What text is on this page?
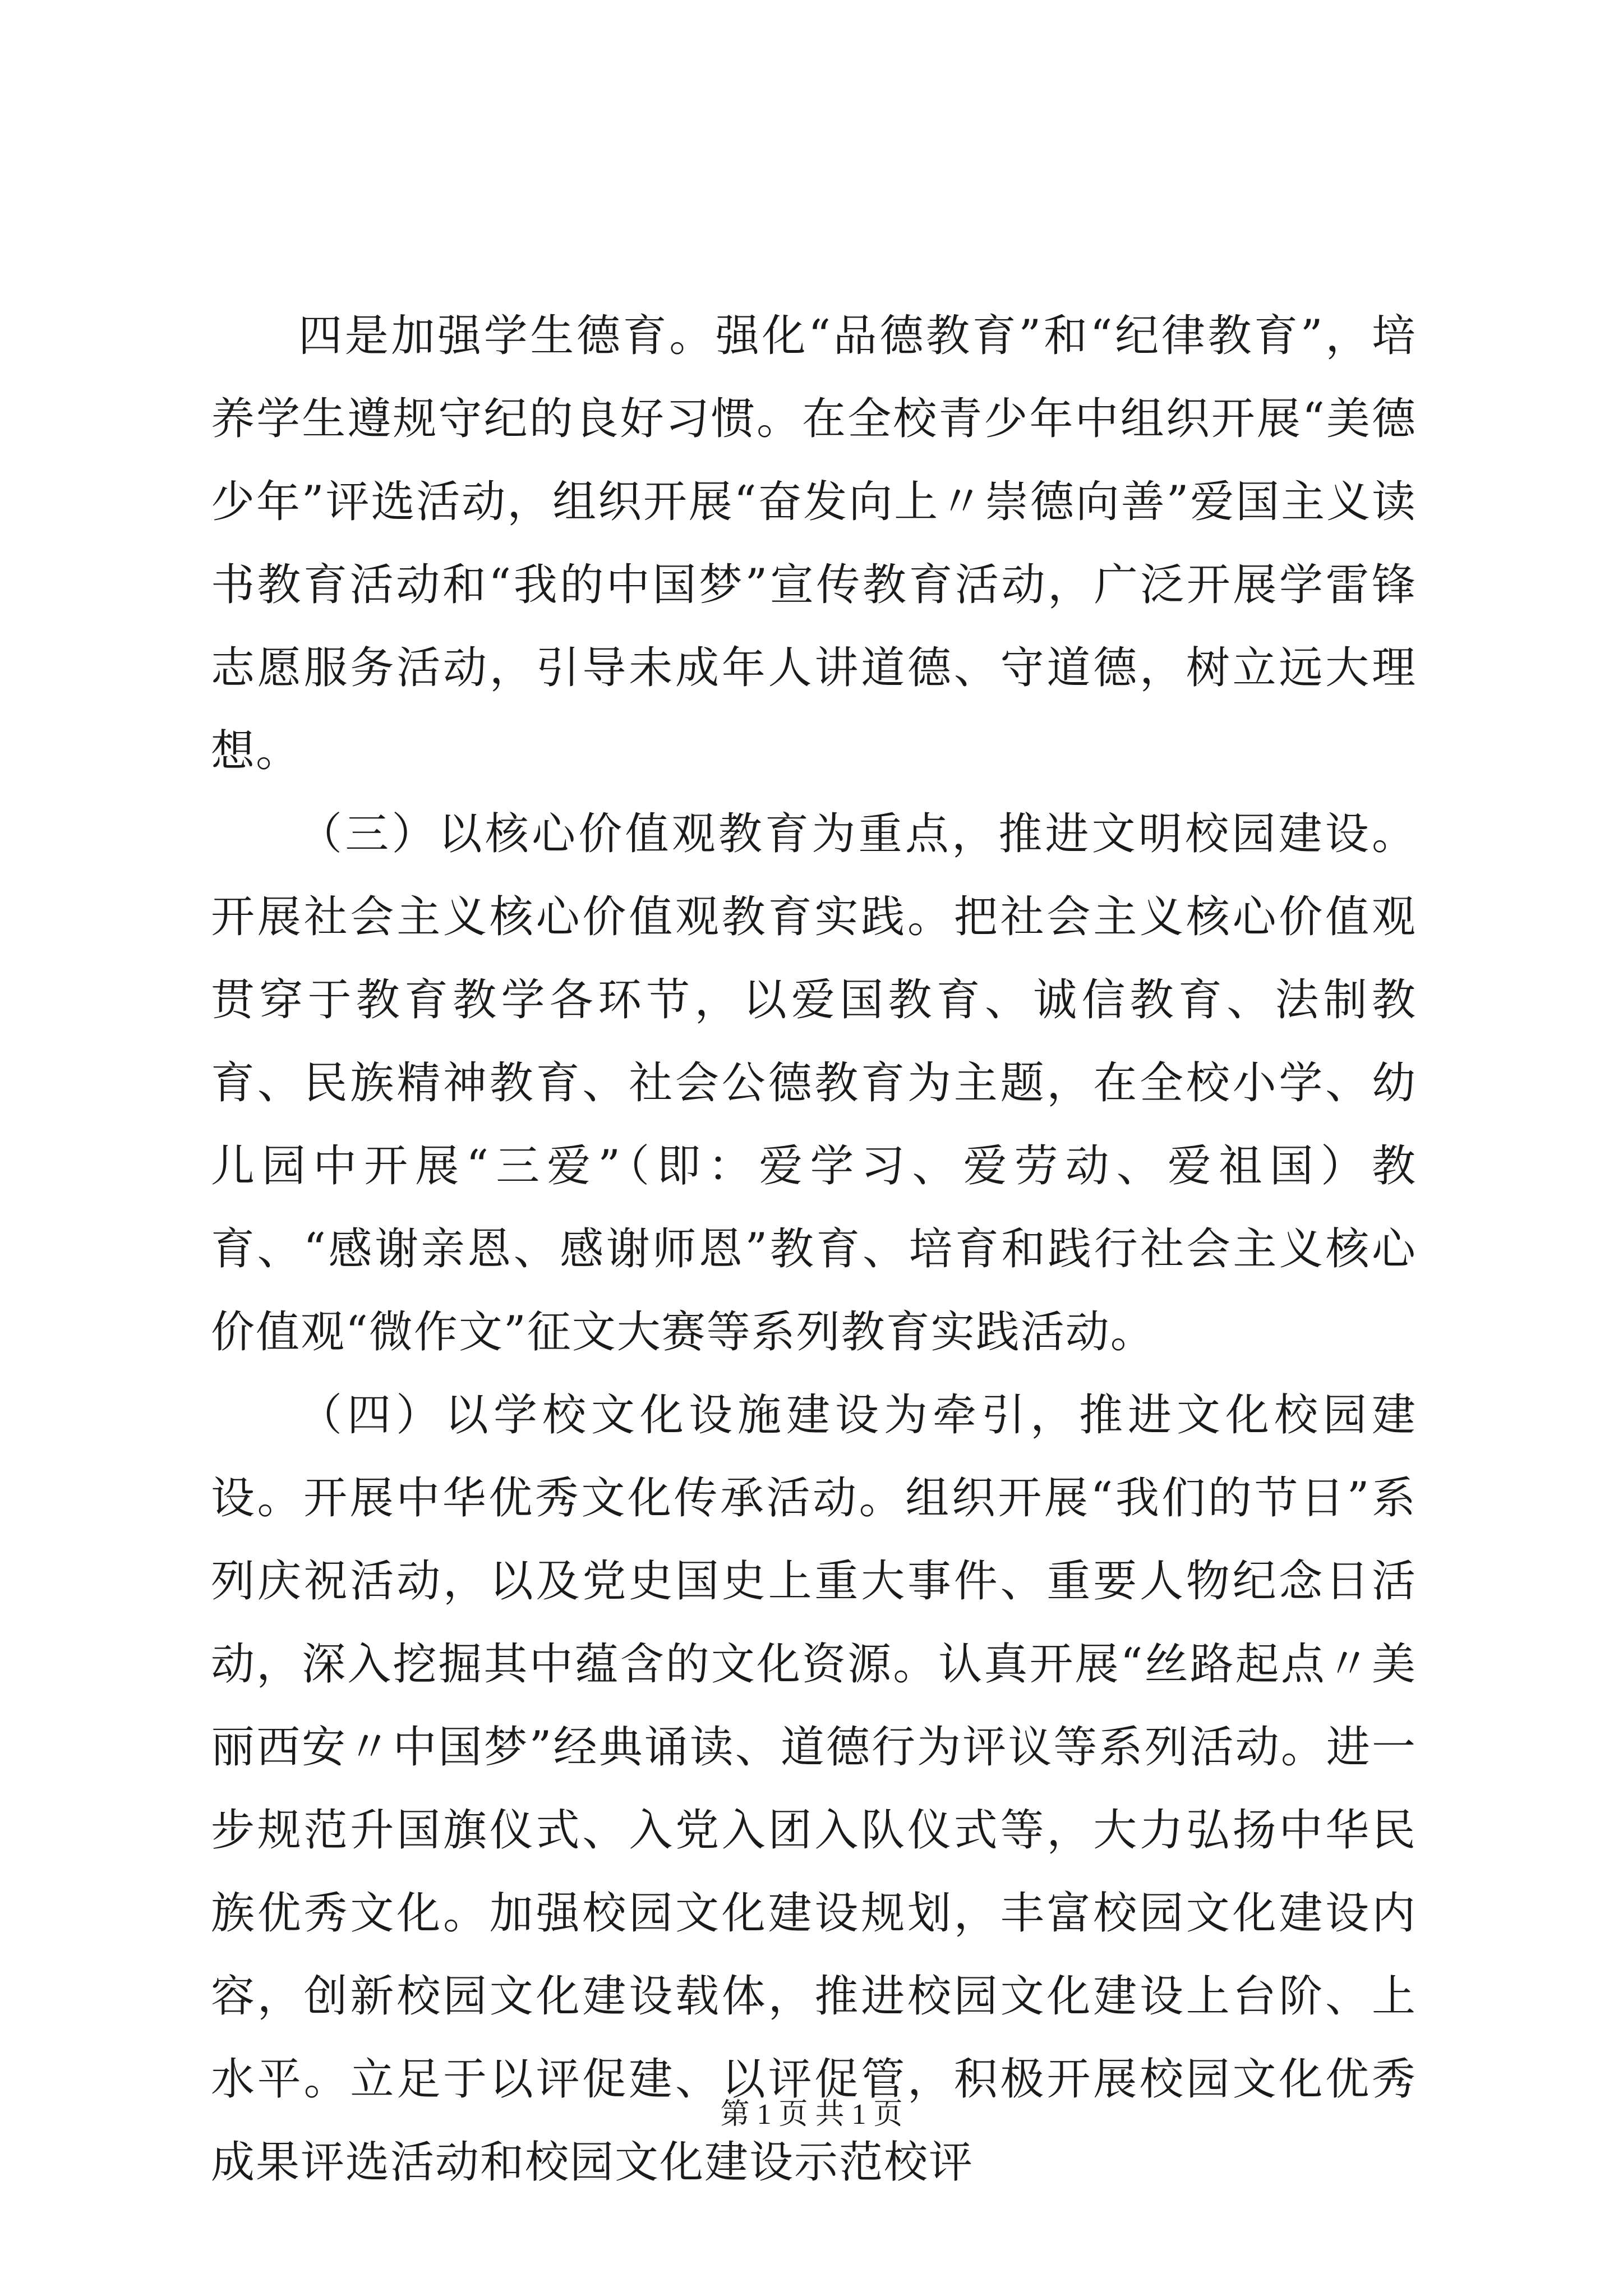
四是加强学生德育。强化“品德教育”和“纪律教育”，培养学生遵规守纪的良好习惯。在全校青少年中组织开展“美德少年”评选活动，组织开展“奋发向上〃崇德向善”爱国主义读书教育活动和“我的中国梦”宣传教育活动，广泛开展学雷锋志愿服务活动，引导未成年人讲道德、守道德，树立远大理想。

（三）以核心价值观教育为重点，推进文明校园建设。开展社会主义核心价值观教育实践。把社会主义核心价值观贯穿于教育教学各环节，以爱国教育、诚信教育、法制教育、民族精神教育、社会公德教育为主题，在全校小学、幼儿园中开展“三爱”（即：爱学习、爱劳动、爱祖国）教育、“感谢亲恩、感谢师恩”教育、培育和践行社会主义核心价值观“微作文”征文大赛等系列教育实践活动。

（四）以学校文化设施建设为牵引，推进文化校园建设。开展中华优秀文化传承活动。组织开展“我们的节日”系列庆祝活动，以及党史国史上重大事件、重要人物纪念日活动，深入挖掘其中蕴含的文化资源。认真开展“丝路起点〃美丽西安〃中国梦”经典诵读、道德行为评议等系列活动。进一步规范升国旗仪式、入党入团入队仪式等，大力弘扬中华民族优秀文化。加强校园文化建设规划，丰富校园文化建设内容，创新校园文化建设载体，推进校园文化建设上台阶、上水平。立足于以评促建、以评促管，积极开展校园文化优秀成果评选活动和校园文化建设示范校评

第 1 页 共 1 页
